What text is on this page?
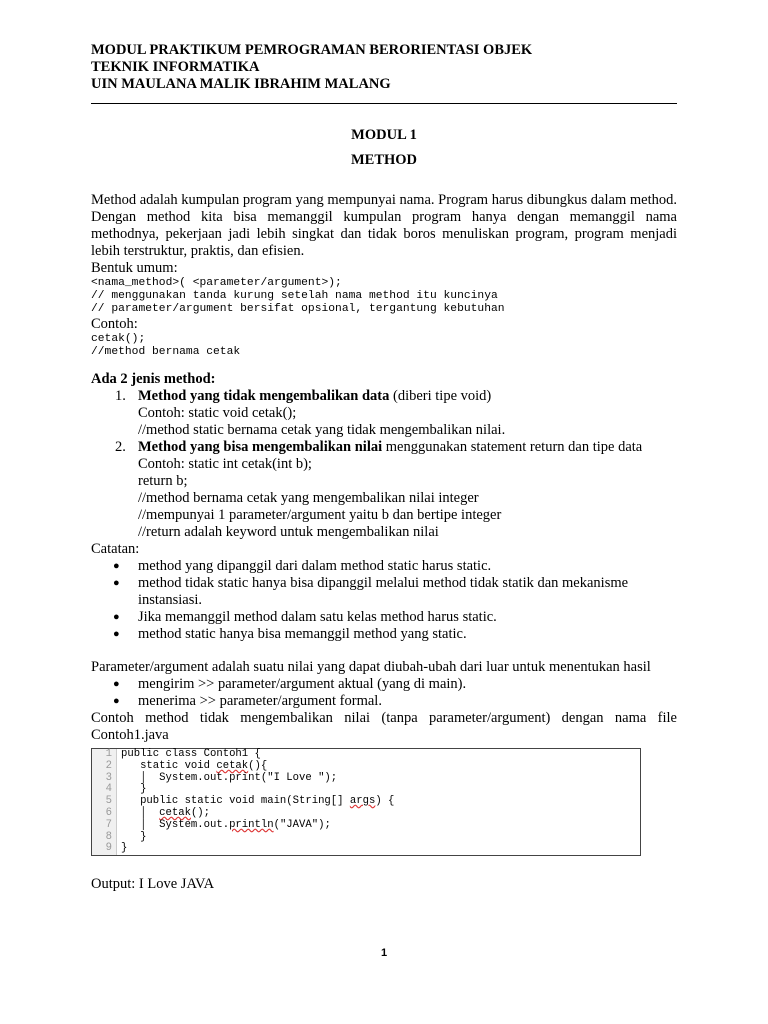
MODUL PRAKTIKUM PEMROGRAMAN BERORIENTASI OBJEK
TEKNIK INFORMATIKA
UIN MAULANA MALIK IBRAHIM MALANG
MODUL 1
METHOD
Method adalah kumpulan program yang mempunyai nama. Program harus dibungkus dalam method. Dengan method kita bisa memanggil kumpulan program hanya dengan memanggil nama methodnya, pekerjaan jadi lebih singkat dan tidak boros menuliskan program, program menjadi lebih terstruktur, praktis, dan efisien.
Bentuk umum:
<nama_method>( <parameter/argument>);
// menggunakan tanda kurung setelah nama method itu kuncinya
// parameter/argument bersifat opsional, tergantung kebutuhan
Contoh:
cetak();
//method bernama cetak
Ada 2 jenis method:
1. Method yang tidak mengembalikan data (diberi tipe void)
Contoh: static void cetak();
//method static bernama cetak yang tidak mengembalikan nilai.
2. Method yang bisa mengembalikan nilai menggunakan statement return dan tipe data
Contoh: static int cetak(int b);
return b;
//method bernama cetak yang mengembalikan nilai integer
//mempunyai 1 parameter/argument yaitu b dan bertipe integer
//return adalah keyword untuk mengembalikan nilai
Catatan:
● method yang dipanggil dari dalam method static harus static.
● method tidak static hanya bisa dipanggil melalui method tidak statik dan mekanisme instansiasi.
● Jika memanggil method dalam satu kelas method harus static.
● method static hanya bisa memanggil method yang static.
Parameter/argument adalah suatu nilai yang dapat diubah-ubah dari luar untuk menentukan hasil
● mengirim >> parameter/argument aktual (yang di main).
● menerima >> parameter/argument formal.
Contoh method tidak mengembalikan nilai (tanpa parameter/argument) dengan nama file Contoh1.java
1 public class Contoh1 {
2 static void cetak(){
3 │  System.out.print("I Love ");
4 }
5 public static void main(String[] args) {
6 │  cetak();
7 │  System.out.println("JAVA");
8 }
9 }
Output: I Love JAVA
1
